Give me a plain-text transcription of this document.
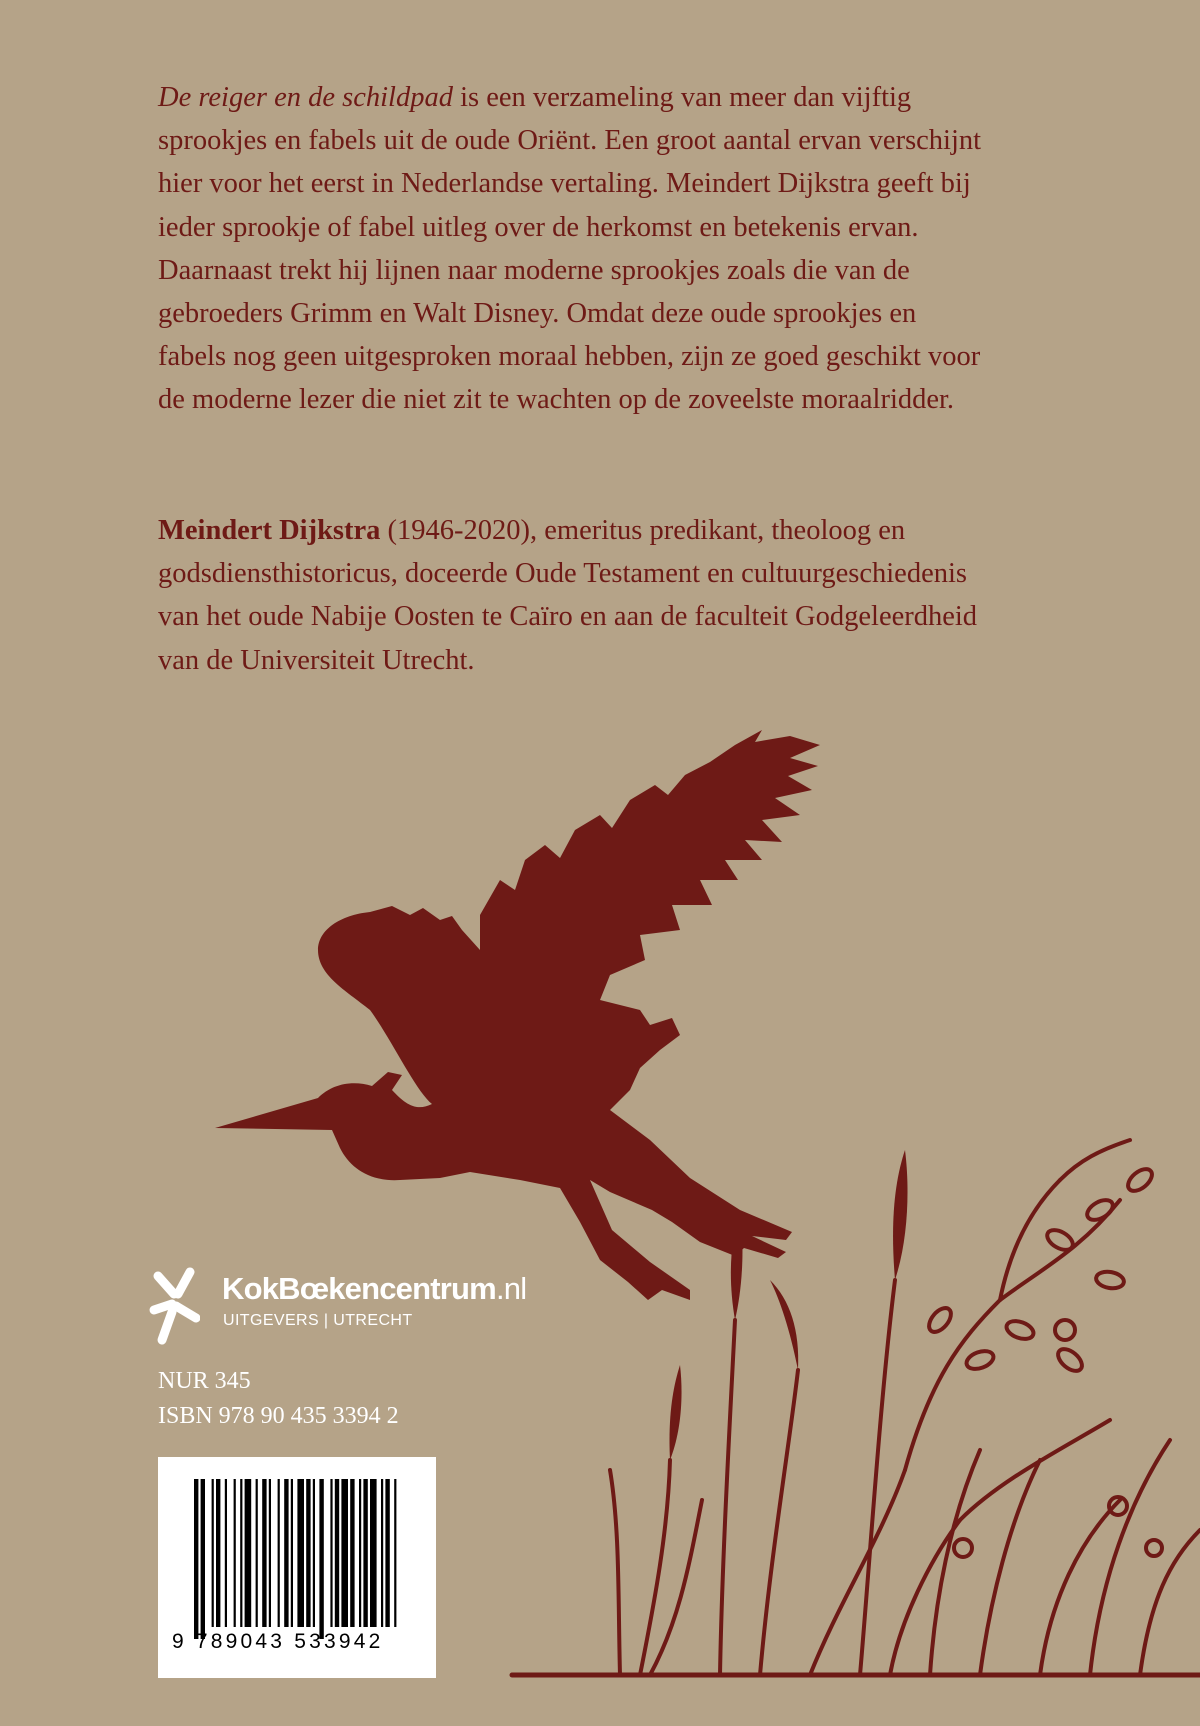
De reiger en de schildpad is een verzameling van meer dan vijftig sprookjes en fabels uit de oude Oriënt. Een groot aantal ervan verschijnt hier voor het eerst in Nederlandse vertaling. Meindert Dijkstra geeft bij ieder sprookje of fabel uitleg over de herkomst en betekenis ervan. Daarnaast trekt hij lijnen naar moderne sprookjes zoals die van de gebroeders Grimm en Walt Disney. Omdat deze oude sprookjes en fabels nog geen uitgesproken moraal hebben, zijn ze goed geschikt voor de moderne lezer die niet zit te wachten op de zoveelste moraalridder.

Meindert Dijkstra (1946-2020), emeritus predikant, theoloog en godsdiensthistoricus, doceerde Oude Testament en cultuurgeschiedenis van het oude Nabije Oosten te Caïro en aan de faculteit Godgeleerdheid van de Universiteit Utrecht.

KokBœkencentrum.nl
UITGEVERS | UTRECHT
NUR 345
ISBN 978 90 435 3394 2
9 789043 533942
